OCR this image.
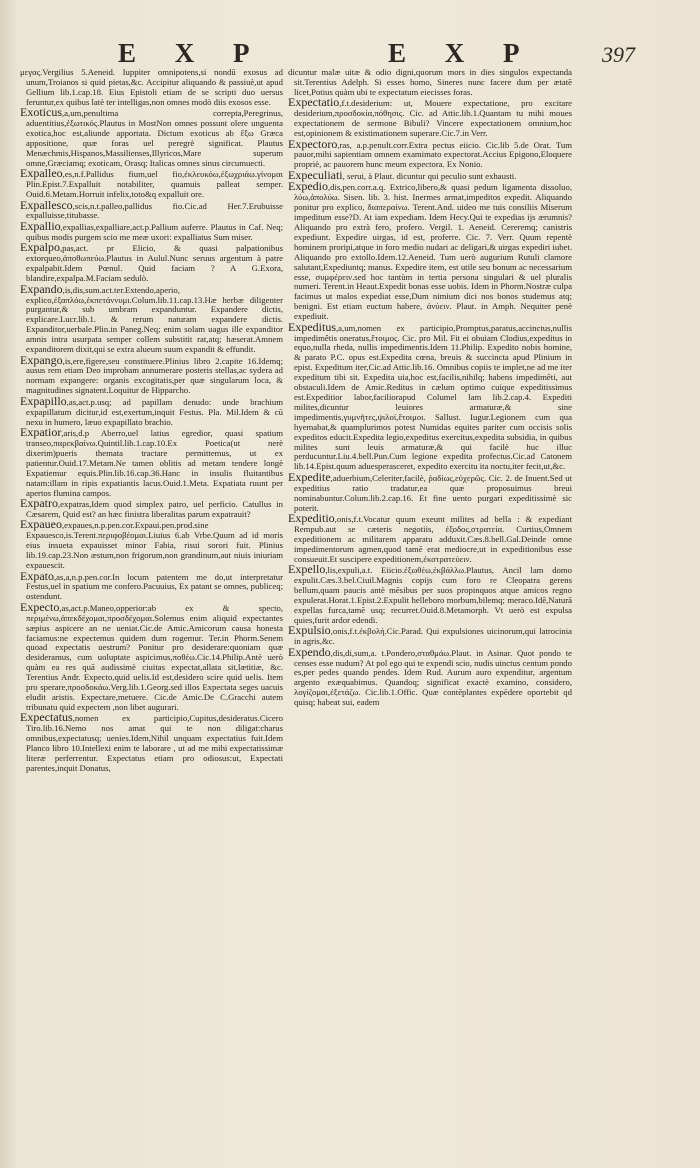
E X P	E X P	397

μεγας.Vergilius 5.Aeneid. Iuppiter omnipotens,si nondū exosus ad unum,Troianos si quid pietas,&c. Accipitur aliquando & passiuè,ut apud Gellium lib.1.cap.18. Eius Epistoli etiam de se scripti duo uersus feruntur,ex quibus latè ter intelligas,non omnes modò diis exosos esse.

Exoticus,a,um,penultima correpta,Peregrinus, aduentitius,ἐξωτικός.Plautus in MostNon omnes possunt olere unguenta exotica,hoc est,aliunde apportata. Dictum exoticus ab ἔξω Græca appositione, quæ foras uel peregrè significat. Plautus Menæchmis,Hispanos,Massilienses,Illyricos,Mare superum omne,Græciamq; exoticam, Orasq; Italicas omnes sinus circumuecti.

Expalleo,es,n.f.Pallidus fium,uel fio,ἐκλευκόω,ἐξωχριάω.γίνομαι Plin.Epist.7.Expalluit notabiliter, quamuis palleat semper. Ouid.6.Metam.Horruit infelix,toto&q expalluit ore.

Expallesco,scis,n.t.palleo,pallidus fio.Cic.ad Her.7.Erubuisse expalluisse,titubasse.

Expallio,expallias,expalliare,act.p.Pallium auferre. Plautus in Caf. Neq; quibus modis purgem scio me meæ uxori: expalliatus Sum miser.

Expalpo,pas,act. pr Elicio, & quasi palpationibus extorqueo,ἀποθωπεύω.Plautus in Aulul.Nunc seruus argentum à patre expalpabit.Idem Pœnul. Quid faciam ? A G.Exora, blandire,expalpa.M.Faciam sedulò.

Expando,is,dis,sum.act.ter.Extendo,aperio, explico,ἐξαπλόω,ἐκπετάννυμι.Colum.lib.11.cap.13.Hæ herbæ diligenter purgantur,& sub umbram expanduntur. Expandere dictis, explicare.Lucr.lib.1. & rerum naturam expandere dictis. Expanditor,uerbale.Plin.in Paneg.Neq; enim solam uagus ille expanditor amnis intra usurpata semper collem substitit rat,atq; hæserat.Amnem expanditorem dixit,qui se extra alueum suum expandit & effundit.

Expango,is,ere,figere,seu constituere.Plinius libro 2.capite 16.Idemq; ausus rem etiam Deo improbam annumerare posteris stellas,ac sydera ad normam expangere: organis excogitatis,per quæ singularum loca, & magnitudines signatent.Loquitur de Hipparcho.

Expapillo,as,act.p.usq; ad papillam denudo: unde brachium expapillatum dicitur,id est,exertum,inquit Festus. Pla. Mil.Idem & cū nexu in humero, læuo expapillato brachio.

Expatior,aris,d.p Aberro,uel latius egredior, quasi spatium transeo,παρεκβαίνω.Quintil.lib.1.cap.10.Ex Poetica(ut nerè dixerim)pueris themata tractare permittemus, ut ex patientur.Ouid.17.Metam.Ne tamen oblitis ad metam tendere longè Expatiemur equis.Plin.lib.16.cap.36.Hanc in insulis fluitantibus natam:illam in ripis expatiantis lacus.Ouid.1.Meta. Expatiata ruunt per apertos flumina campos.

Expatro,expatras,Idem quod simplex patro, uel perficio. Catullus in Cæsarem, Quid est? an hæc finistra liberalitas parum expatrauit?

Expaueo,expaues,n.p.pen.cor.Expaui.pen.prod.sine Expauesco,is.Terent.περιφοβέομαι.Liuius 6.ab Vrbe.Quum ad id moris eius insueta expauisset minor Fabia, risui sorori fuit. Plinius lib.19.cap.23.Non æstum,non frigorum,non grandinum,aut niuis iniuriam expauescit.

Expato,as,a,n.p.pen.cor.In locum patentem me do,ut interpretatur Festus,uel in spatium me confero.Pacuuius, Ex patant se omnes, publiceq; ostendunt.

Expecto,as,act.p.Maneo,opperior:ab ex & specto, περιμένω,ἀπεκδέχομαι,προσδέχομαι.Solemus enim aliquid expectantes sæpius aspicere an ne ueniat.Cic.de Amic.Amicorum causa honesta faciamus:ne expectemus quidem dum rogemur. Ter.in Phorm.Senem quoad expectatis uestrum? Ponitur pro desiderare:quoniam quæ desideramus, cum uoluptate aspicimus,ποθέω.Cic.14.Philip.Antè uerò quàm ea res quā audissimè ciuitas expectat,allata sit,lætitiæ, &c. Terentius Andr. Expecto,quid uelis.Id est,desidero scire quid uelis. Item pro sperare,προσδοκάω.Verg.lib.1.Georg.sed illos Expectata seges uacuis eludit aristis. Expectare,metuere. Cic.de Amic.De C.Gracchi autem tribunatu quid expectem ,non libet augurari.

Expectatus,nomen ex participio,Cupitus,desideratus.Cicero Tiro.lib.16.Nemo nos amat qui te non diligat:charus omnibus,expectatusq; uenies.Idem,Nihil unquam expectatius fuit.Idem Planco libro 10.Intellexi enim te laborare , ut ad me mihi expectatissimæ literæ perferrentur. Expectatus etiam pro odiosus:ut, Expectati parentes,inquit Donatus,

dicuntur malæ uitæ & odio digni,quorum mors in dies singulos expectanda sit.Terentius Adelph. Si esses homo, Sineres nunc facere dum per ætatē licet,Potius quàm ubi te expectatum eiecisses foras.

Expectatio,f.t.desiderium: ut, Mouere expectatione, pro excitare desiderium,προσδοκία,πόθησις. Cic. ad Attic.lib.1.Quantam tu mihi moues expectationem de sermone Bibuli? Vincere expectationem omnium,hoc est,opinionem & existimationem superare.Cic.7.in Verr.

Expectoro,ras, a.p.penult.corr.Extra pectus eiicio. Cic.lib 5.de Orat. Tum pauor,mihi sapientiam omnem examimato expectorat.Accius Epigono,Eloquere propriè, ac pauorem hunc meum expectora. Ex Nonio.

Expeculiati, serui, à Plaut. dicuntur qui peculio sunt exhausti.

Expedio,dis,pen.corr.a.q. Extrico,libero,& quasi pedum ligamenta dissoluo, λύω,ἀπολύω. Sisen. lib. 3. hist. Inermes armat,impeditos expedit. Aliquando ponitur pro explico, διαπεραίνω. Terent.And. uideo me tuis consiliis Miserum impeditum esse?D. At iam expediam. Idem Hecy.Qui te expedias ijs ærumnis? Aliquando pro extrà fero, profero. Vergil. 1. Aeneid. Cereremq; canistris expediunt. Expedire uirgas, id est, proferre. Cic. 7. Verr. Quum repentè hominem proripi,atque in foro medio nudari ac deligari,& uirgas expediri iubet. Aliquando pro extollo.Idem.12.Aeneid. Tum uerò augurium Rutuli clamore salutant,Expediuntq; manus. Expedire item, est utile seu bonum ac necessarium esse, συμφέρειν.sed hoc tantùm in tertia persona singulari & uel pluralis numeri. Terent.in Heaut.Expedit bonas esse uobis. Idem in Phorm.Nostræ culpa facimus ut malos expediat esse,Dum nimium dici nos bonos studemus atq; benigni. Est etiam euctum habere, ἀνύειν. Plaut. in Amph. Nequiter penè expediuit.

Expeditus,a,um,nomen ex participio,Promptus,paratus,accinctus,nullis impedimêtis oneratus,ἕτοιμος. Cic. pro Mil. Fit ei obuiam Clodius,expeditus in equo,nulla rheda, nullis impedimentis.Idem 11.Philip. Expedito nobis homine, & parato P.C. opus est.Expedita cœna, breuis & succincta apud Plinium in epist. Expeditum iter,Cic.ad Attic.lib.16. Omnibus copiis te implet,ne ad me iter expeditum tibi sit. Expedita uia,hoc est,facilis,nihilq; habens impedimēti, aut obstaculi.Idem de Amic.Reditus in cælum optimo cuique expeditissimus est.Expeditior labor,faciliorapud Columel lam lib.2.cap.4. Expediti milites,dicuntur leuiores armaturæ,& sine impedimentis,γυμνῆτες,ψιλοί,ἕτοιμοι. Sallust. Iugur.Legionem cum qua hyemabat,& quamplurimos potest Numidas equites pariter cum occisis solis expeditos educit.Expedita legio,expeditus exercitus,expedita subsidia, in quibus milites sunt leuis armaturæ,& qui facilè huc illuc perducuntur.Liu.4.bell.Pun.Cum legione expedita profectus.Cic.ad Catonem lib.14.Epist.quum aduesperasceret, expedito exercitu ita noctu,iter fecit,ut,&c.

Expedite,aduerbium,Celeriter,facilè, ῥαδίως,εὐχερῶς. Cic. 2. de Inuent.Sed ut expeditius ratio tradatur,ea quæ proposuimus breui nominabuntur.Colum.lib.2.cap.16. Et fine uento purgari expeditissimè sic poterit.

Expeditio,onis,f.t.Vocatur quum exeunt milites ad bella : & expediant Rempub.aut se cæteris negotiis, ἐξοδος,στρατεία. Curtius,Omnem expeditionem ac militarem apparatu adduxit.Cæs.8.bell.Gal.Deinde omne impedimentorum agmen,quod tamē erat mediocre,ut in expeditionibus esse consueuit.Et suscipere expeditionem,ἐκστρατεύειν.

Expello,lis,expuli,a.t. Eiicio.ἐξωθέω,ἐκβάλλω.Plautus, Ancil lam domo expulit.Cæs.3.bel.Ciuil.Magnis copijs cum foro re Cleopatra gerens bellum,quam paucis antè mēsibus per suos propinquos atque amicos regno expulerat.Horat.1.Epist.2.Expulit helleboro morbum,bilemq; meraco.Idē,Naturā expellas furca,tamē usq; recurret.Ouid.8.Metamorph. Vt uerò est expulsa quies,furit ardor edendi.

Expulsio,onis,f.t.ἐκβολή.Cic.Parad. Qui expulsiones uicinorum,qui latrocinia in agris,&c.

Expendo,dis,di,sum,a. t.Pondero,σταθμάω.Plaut. in Asinar. Quot pondo te censes esse nudum? At pol ego qui te expendi scio, nudis uinctus centum pondo es,per pedes quando pendes. Idem Rud. Aurum auro expenditur, argentum argento exæquabimus. Quandoq; significat exactè examino, considero, λογίζομαι,ἐξετάζω. Cic.lib.1.Offic. Quæ contēplantes expēdere oportebit qd quisq; habeat sui, eadem
